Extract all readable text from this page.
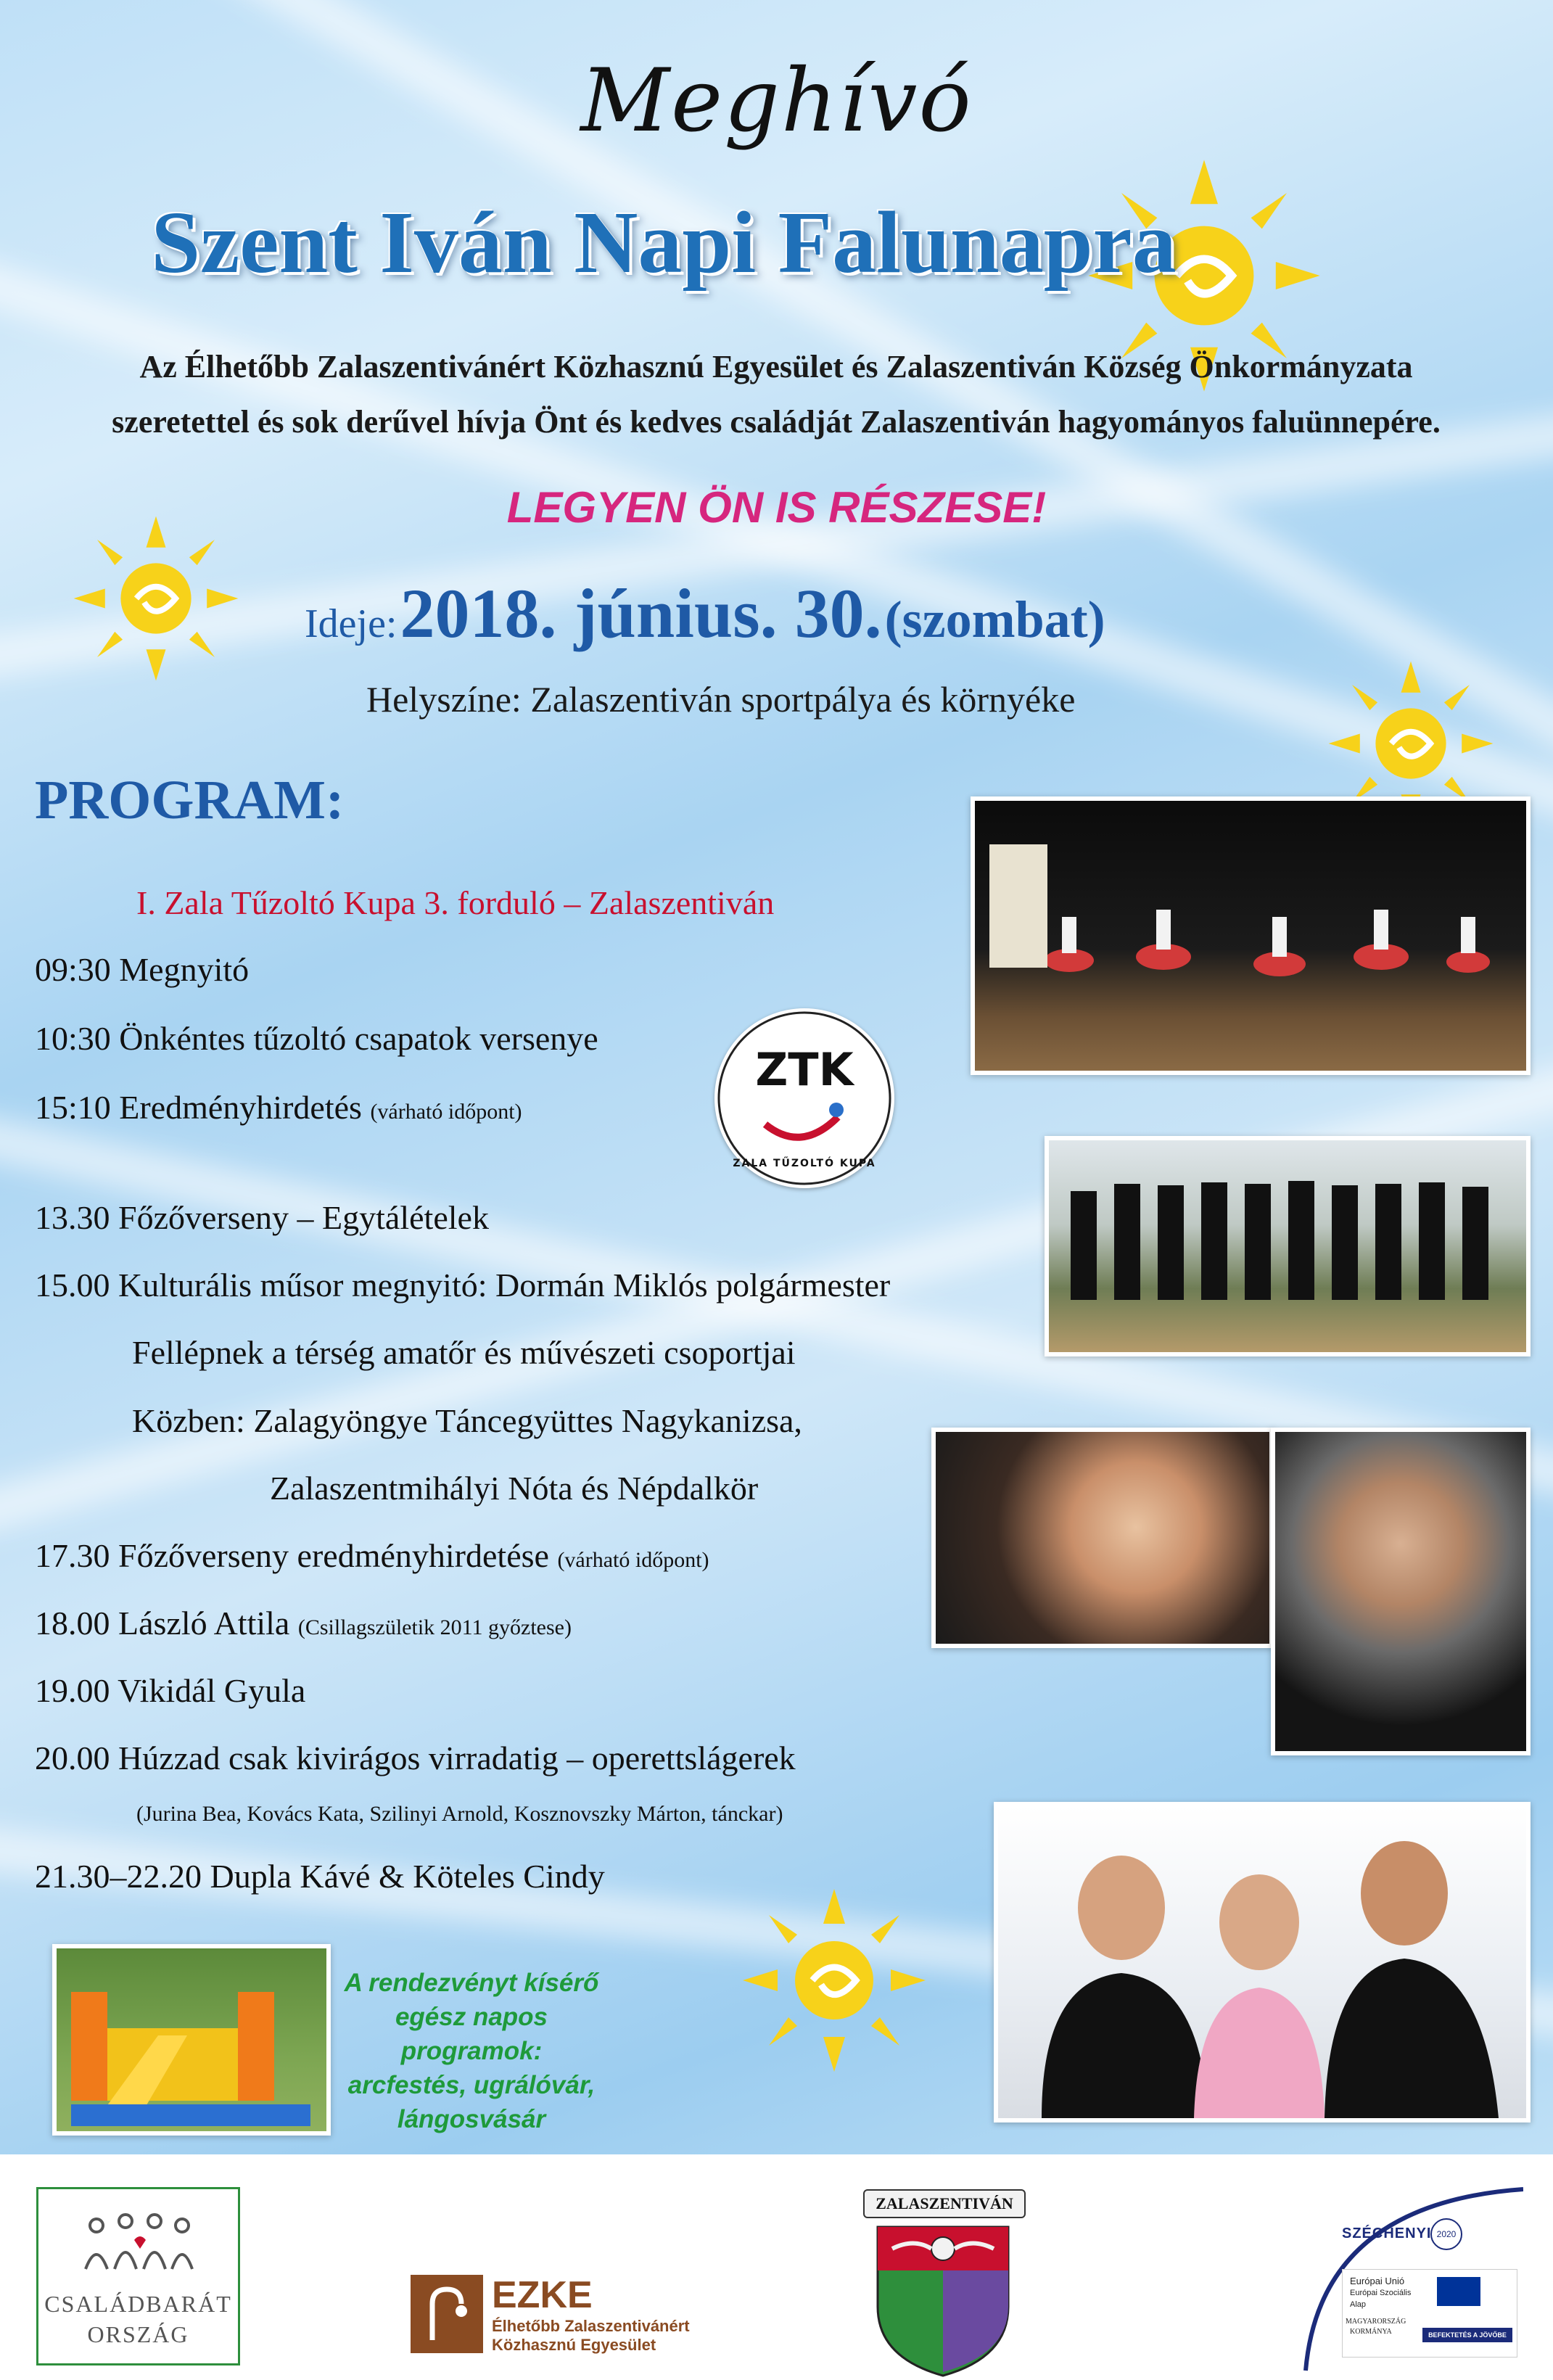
Meghívó
Szent Iván Napi Falunapra
Az Élhetőbb Zalaszentivánért Közhasznú Egyesület és Zalaszentiván Község Önkormányzata
szeretettel és sok derűvel hívja Önt és kedves családját Zalaszentiván hagyományos faluünnepére.
LEGYEN ÖN IS RÉSZESE!
Ideje: 2018. június. 30. (szombat)
Helyszíne: Zalaszentiván sportpálya és környéke
PROGRAM:
I. Zala Tűzoltó Kupa 3. forduló – Zalaszentiván
09:30 Megnyitó
10:30 Önkéntes tűzoltó csapatok versenye
15:10 Eredményhirdetés (várható időpont)
13.30 Főzőverseny – Egytálételek
15.00 Kulturális műsor megnyitó: Dormán Miklós polgármester
Fellépnek a térség amatőr és művészeti csoportjai
Közben: Zalagyöngye Táncegyüttes Nagykanizsa,
Zalaszentmihályi Nóta és Népdalkör
17.30 Főzőverseny eredményhirdetése (várható időpont)
18.00 László Attila (Csillagszületik 2011 győztese)
19.00 Vikidál Gyula
20.00 Húzzad csak kivirágos virradatig – operettslágerek
(Jurina Bea, Kovács Kata, Szilinyi Arnold, Kosznovszky Márton, tánckar)
21.30–22.20 Dupla Kávé & Köteles Cindy
ZTK
ZALA TŰZOLTÓ KUPA
A rendezvényt kísérő
egész napos programok:
arcfestés, ugrálóvár,
lángosvásár
CSALÁDBARÁT
ORSZÁG
EZKE
Élhetőbb Zalaszentivánért
Közhasznú Egyesület
ZALASZENTIVÁN
SZÉCHENYI 2020
Európai Unió
Európai Szociális
Alap
MAGYARORSZÁG
KORMÁNYA	BEFEKTETÉS A JÖVŐBE
